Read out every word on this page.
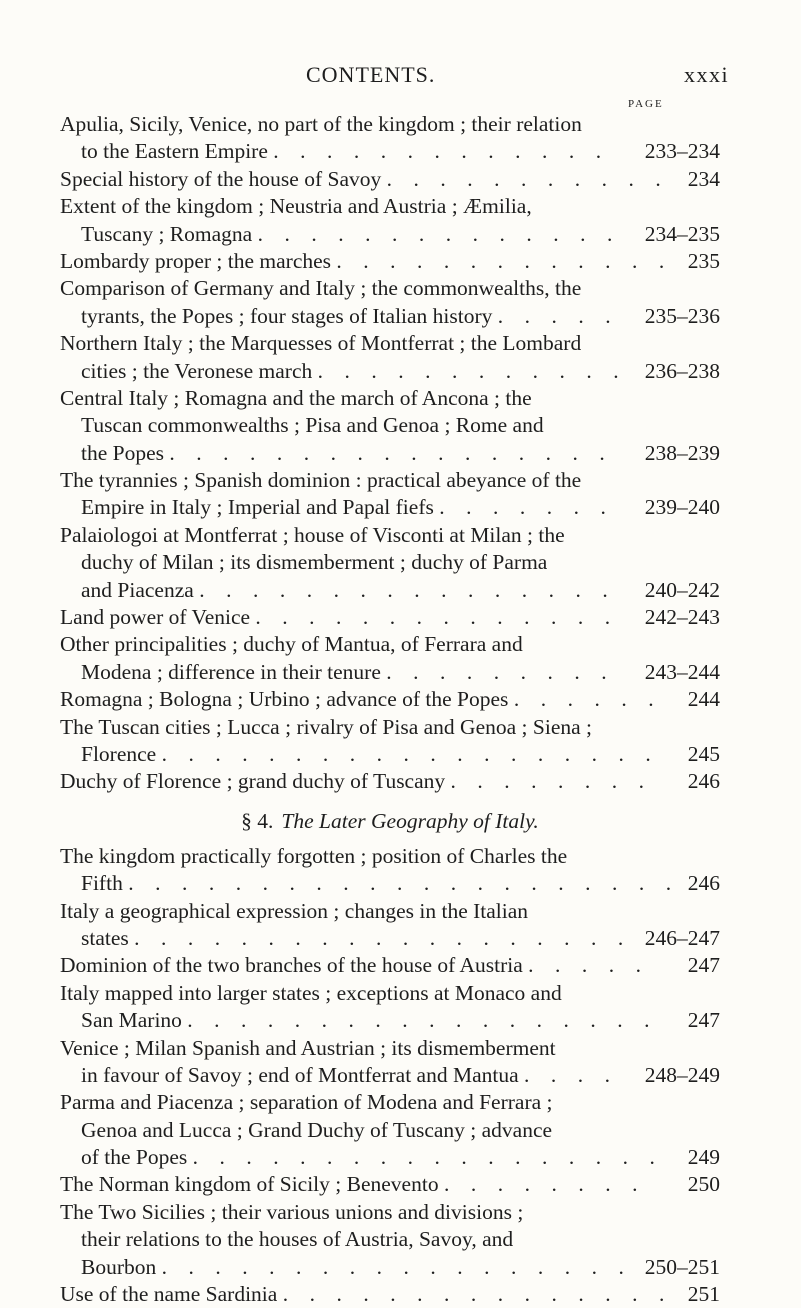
CONTENTS.	xxxi
PAGE
Apulia, Sicily, Venice, no part of the kingdom ; their relation
to the Eastern Empire .  .  .  .  .  .  .  .  .  .  .  .  . 233–234
Special history of the house of Savoy .  .  .  .  .  .  .  .  .  .  . 234
Extent of the kingdom ; Neustria and Austria ; Æmilia,
Tuscany ; Romagna .  .  .  .  .  .  .  .  .  .  .  .  .  . 234–235
Lombardy proper ; the marches .  .  .  .  .  .  .  .  .  .  .  .  . 235
Comparison of Germany and Italy ; the commonwealths, the
tyrants, the Popes ; four stages of Italian history .  .  .  .  . 235–236
Northern Italy ; the Marquesses of Montferrat ; the Lombard
cities ; the Veronese march .  .  .  .  .  .  .  .  .  .  .  . 236–238
Central Italy ; Romagna and the march of Ancona ; the
Tuscan commonwealths ; Pisa and Genoa ; Rome and
the Popes .  .  .  .  .  .  .  .  .  .  .  .  .  .  .  .  . 238–239
The tyrannies ; Spanish dominion : practical abeyance of the
Empire in Italy ; Imperial and Papal fiefs .  .  .  .  .  .  . 239–240
Palaiologoi at Montferrat ; house of Visconti at Milan ; the
duchy of Milan ; its dismemberment ; duchy of Parma
and Piacenza .  .  .  .  .  .  .  .  .  .  .  .  .  .  .  . 240–242
Land power of Venice .  .  .  .  .  .  .  .  .  .  .  .  .  . 242–243
Other principalities ; duchy of Mantua, of Ferrara and
Modena ; difference in their tenure .  .  .  .  .  .  .  .  . 243–244
Romagna ; Bologna ; Urbino ; advance of the Popes .  .  .  .  .  . 244
The Tuscan cities ; Lucca ; rivalry of Pisa and Genoa ; Siena ;
Florence .  .  .  .  .  .  .  .  .  .  .  .  .  .  .  .  .  .  . 245
Duchy of Florence ; grand duchy of Tuscany .  .  .  .  .  .  .  . 246
§ 4. The Later Geography of Italy.
The kingdom practically forgotten ; position of Charles the
Fifth .  .  .  .  .  .  .  .  .  .  .  .  .  .  .  .  .  .  .  .  . 246
Italy a geographical expression ; changes in the Italian
states .  .  .  .  .  .  .  .  .  .  .  .  .  .  .  .  .  .  . 246–247
Dominion of the two branches of the house of Austria .  .  .  .  . 247
Italy mapped into larger states ; exceptions at Monaco and
San Marino .  .  .  .  .  .  .  .  .  .  .  .  .  .  .  .  .  . 247
Venice ; Milan Spanish and Austrian ; its dismemberment
in favour of Savoy ; end of Montferrat and Mantua .  .  .  . 248–249
Parma and Piacenza ; separation of Modena and Ferrara ;
Genoa and Lucca ; Grand Duchy of Tuscany ; advance
of the Popes .  .  .  .  .  .  .  .  .  .  .  .  .  .  .  .  .  . 249
The Norman kingdom of Sicily ; Benevento .  .  .  .  .  .  .  . 250
The Two Sicilies ; their various unions and divisions ;
their relations to the houses of Austria, Savoy, and
Bourbon .  .  .  .  .  .  .  .  .  .  .  .  .  .  .  .  .  . 250–251
Use of the name Sardinia .  .  .  .  .  .  .  .  .  .  .  .  .  .  . 251
